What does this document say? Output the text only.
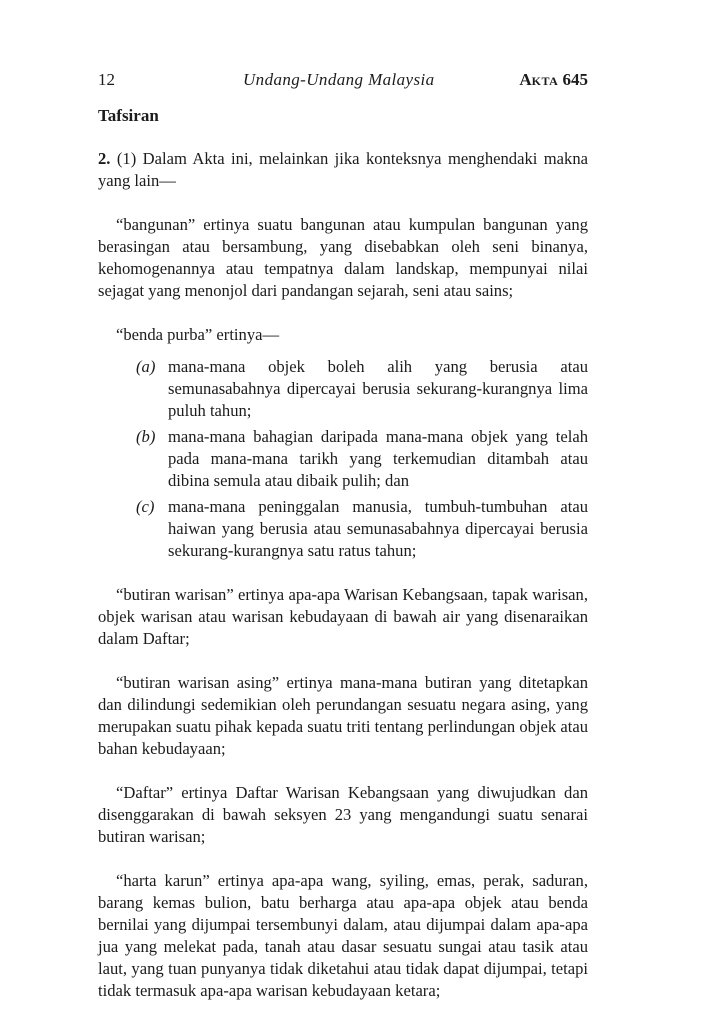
12	Undang-Undang Malaysia	AKTA 645
Tafsiran

2. (1) Dalam Akta ini, melainkan jika konteksnya menghendaki makna yang lain—

“bangunan” ertinya suatu bangunan atau kumpulan bangunan yang berasingan atau bersambung, yang disebabkan oleh seni binanya, kehomogenannya atau tempatnya dalam landskap, mempunyai nilai sejagat yang menonjol dari pandangan sejarah, seni atau sains;

“benda purba” ertinya—

(a) mana-mana objek boleh alih yang berusia atau semunasabahnya dipercayai berusia sekurang-kurangnya lima puluh tahun;
(b) mana-mana bahagian daripada mana-mana objek yang telah pada mana-mana tarikh yang terkemudian ditambah atau dibina semula atau dibaik pulih; dan
(c) mana-mana peninggalan manusia, tumbuh-tumbuhan atau haiwan yang berusia atau semunasabahnya dipercayai berusia sekurang-kurangnya satu ratus tahun;

“butiran warisan” ertinya apa-apa Warisan Kebangsaan, tapak warisan, objek warisan atau warisan kebudayaan di bawah air yang disenaraikan dalam Daftar;

“butiran warisan asing” ertinya mana-mana butiran yang ditetapkan dan dilindungi sedemikian oleh perundangan sesuatu negara asing, yang merupakan suatu pihak kepada suatu triti tentang perlindungan objek atau bahan kebudayaan;

“Daftar” ertinya Daftar Warisan Kebangsaan yang diwujudkan dan disenggarakan di bawah seksyen 23 yang mengandungi suatu senarai butiran warisan;

“harta karun” ertinya apa-apa wang, syiling, emas, perak, saduran, barang kemas bulion, batu berharga atau apa-apa objek atau benda bernilai yang dijumpai tersembunyi dalam, atau dijumpai dalam apa-apa jua yang melekat pada, tanah atau dasar sesuatu sungai atau tasik atau laut, yang tuan punyanya tidak diketahui atau tidak dapat dijumpai, tetapi tidak termasuk apa-apa warisan kebudayaan ketara;
